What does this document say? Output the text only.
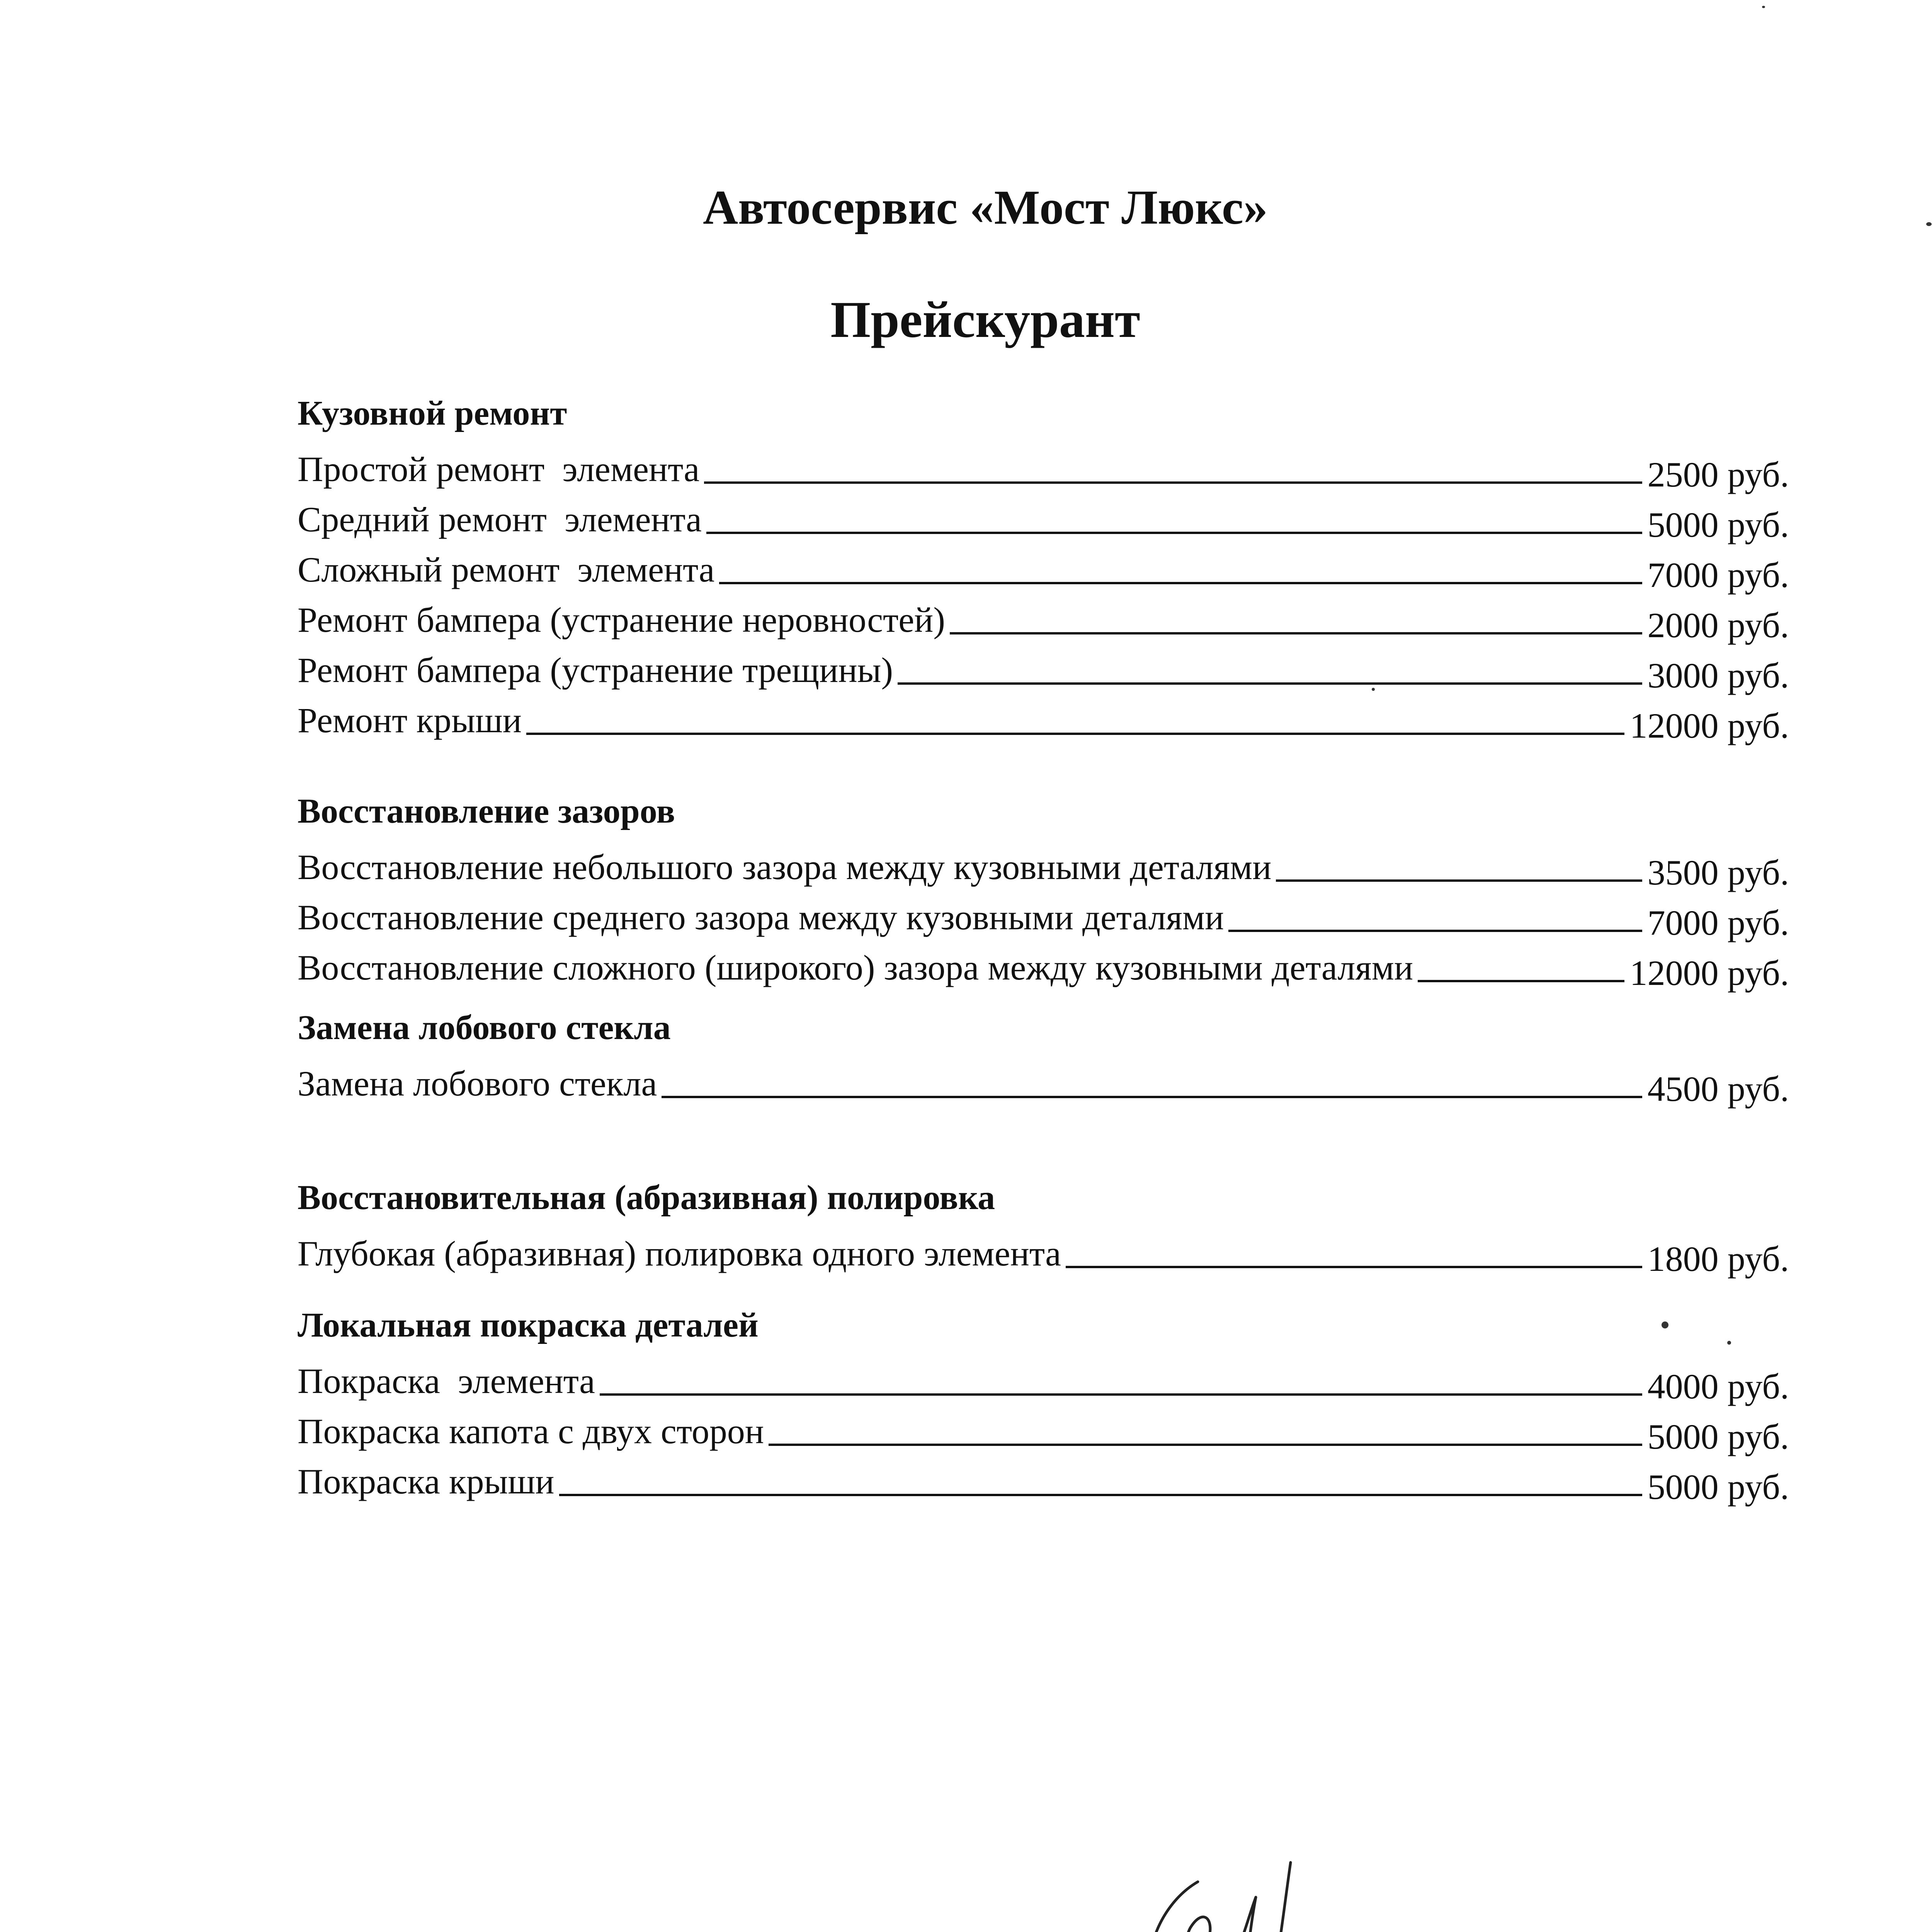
Автосервис «Мост Люкс»
Прейскурант
Кузовной ремонт
Простой ремонт  элемента	2500 руб.
Средний ремонт  элемента	5000 руб.
Сложный ремонт  элемента	7000 руб.
Ремонт бампера (устранение неровностей)	2000 руб.
Ремонт бампера (устранение трещины)	3000 руб.
Ремонт крыши	12000 руб.
Восстановление зазоров
Восстановление небольшого зазора между кузовными деталями	3500 руб.
Восстановление среднего зазора между кузовными деталями	7000 руб.
Восстановление сложного (широкого) зазора между кузовными деталями	12000 руб.
Замена лобового стекла
Замена лобового стекла	4500 руб.
Восстановительная (абразивная) полировка
Глубокая (абразивная) полировка одного элемента	1800 руб.
Локальная покраска деталей
Покраска  элемента	4000 руб.
Покраска капота с двух сторон	5000 руб.
Покраска крыши	5000 руб.
